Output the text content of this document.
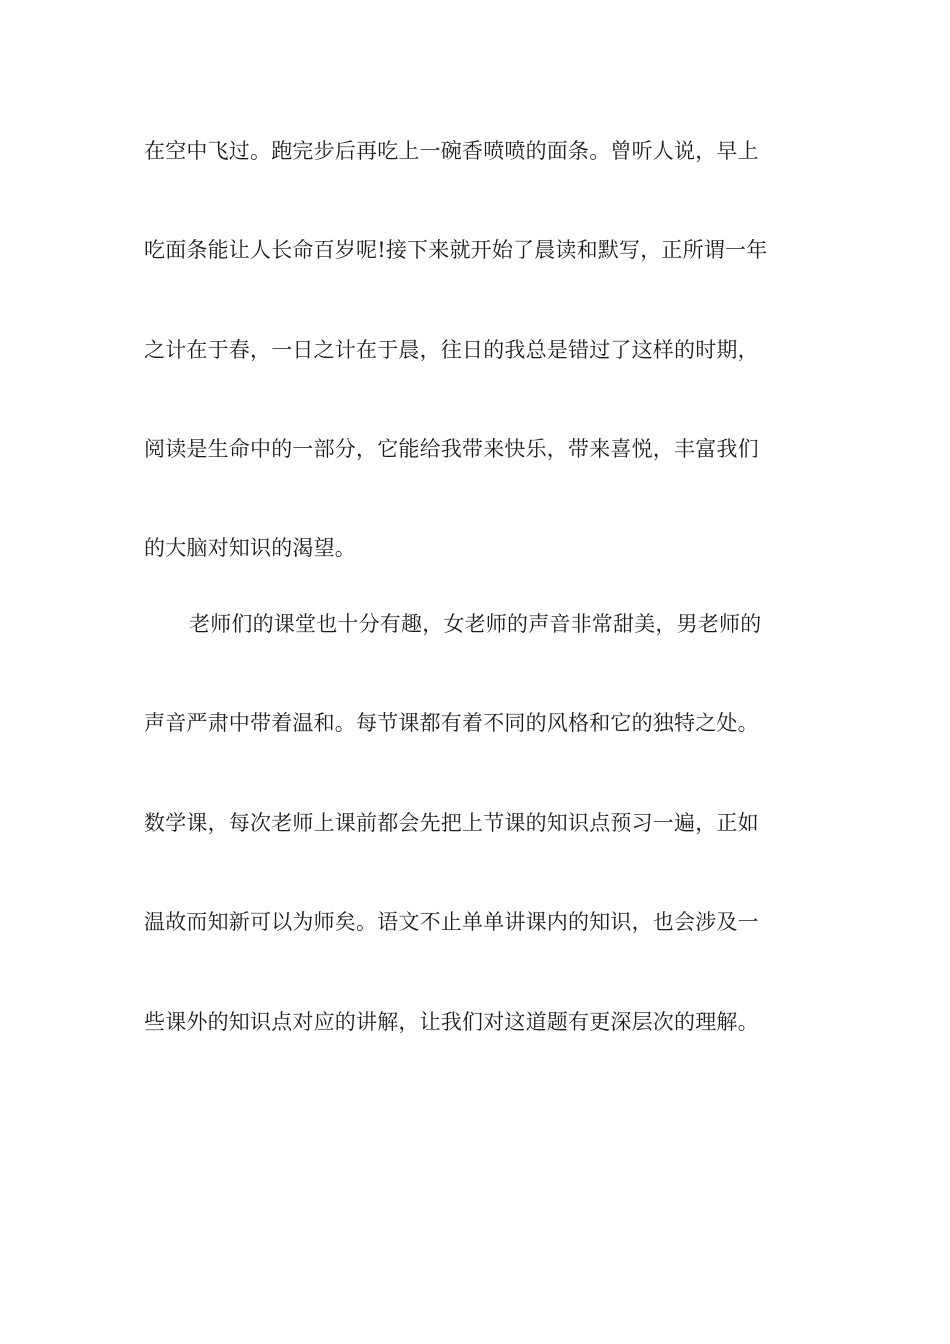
在空中飞过。跑完步后再吃上一碗香喷喷的面条。曾听人说，早上
吃面条能让人长命百岁呢!接下来就开始了晨读和默写，正所谓一年
之计在于春，一日之计在于晨，往日的我总是错过了这样的时期，
阅读是生命中的一部分，它能给我带来快乐，带来喜悦，丰富我们
的大脑对知识的渴望。
老师们的课堂也十分有趣，女老师的声音非常甜美，男老师的
声音严肃中带着温和。每节课都有着不同的风格和它的独特之处。
数学课，每次老师上课前都会先把上节课的知识点预习一遍，正如
温故而知新可以为师矣。语文不止单单讲课内的知识，也会涉及一
些课外的知识点对应的讲解，让我们对这道题有更深层次的理解。
